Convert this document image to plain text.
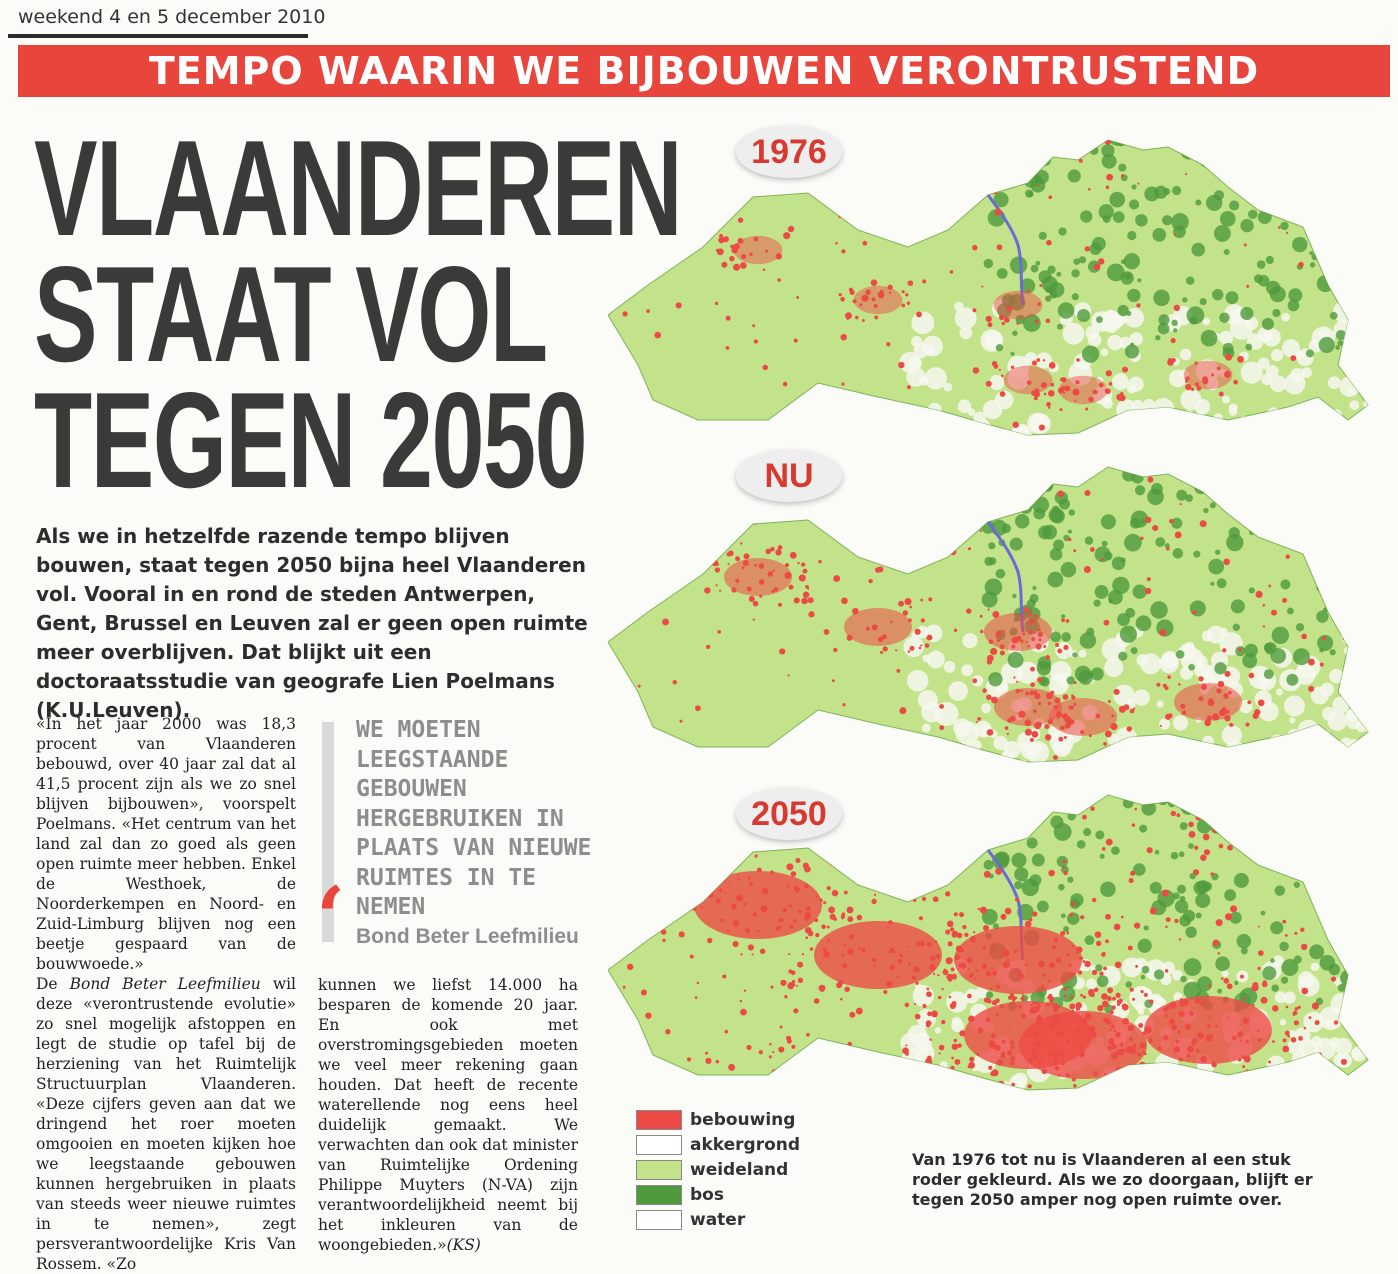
weekend 4 en 5 december 2010
TEMPO WAARIN WE BIJBOUWEN VERONTRUSTEND
VLAANDEREN
STAAT VOL
TEGEN 2050
Als we in hetzelfde razende tempo blijven bouwen, staat tegen 2050 bijna heel Vlaanderen vol. Vooral in en rond de steden Antwerpen, Gent, Brussel en Leuven zal er geen open ruimte meer overblijven. Dat blijkt uit een doctoraatsstudie van geografe Lien Poelmans (K.U.Leuven).

«In het jaar 2000 was 18,3 procent van Vlaanderen bebouwd, over 40 jaar zal dat al 41,5 procent zijn als we zo snel blijven bijbouwen», voorspelt Poelmans. «Het centrum van het land zal dan zo goed als geen open ruimte meer hebben. Enkel de Westhoek, de Noorderkempen en Noord- en Zuid-Limburg blijven nog een beetje gespaard van de bouwwoede.»

De Bond Beter Leefmilieu wil deze «verontrustende evolutie» zo snel mogelijk afstoppen en legt de studie op tafel bij de herziening van het Ruimtelijk Structuurplan Vlaanderen. «Deze cijfers geven aan dat we dringend het roer moeten omgooien en moeten kijken hoe we leegstaande gebouwen kunnen hergebruiken in plaats van steeds weer nieuwe ruimtes in te nemen», zegt persverantwoordelijke Kris Van Rossem. «Zo

‘
WE MOETEN LEEGSTAANDE GEBOUWEN HERGEBRUIKEN IN PLAATS VAN NIEUWE RUIMTES IN TE NEMEN
Bond Beter Leefmilieu

kunnen we liefst 14.000 ha besparen de komende 20 jaar. En ook met overstromingsgebieden moeten we veel meer rekening gaan houden. Dat heeft de recente waterellende nog eens heel duidelijk gemaakt. We verwachten dan ook dat minister van Ruimtelijke Ordening Philippe Muyters (N-VA) zijn verantwoordelijkheid neemt bij het inkleuren van de woongebieden.»(KS)

1976
NU
2050
bebouwing
akkergrond
weideland
bos
water
Van 1976 tot nu is Vlaanderen al een stuk roder gekleurd. Als we zo doorgaan, blijft er tegen 2050 amper nog open ruimte over.
